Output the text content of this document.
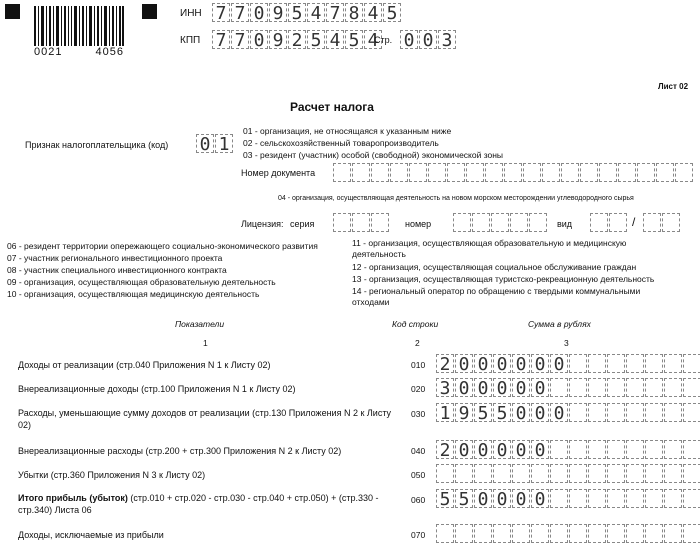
0021	4056
ИНН 7 7 0 9 5 4 7 8 4 5
КПП 7 7 0 9 2 5 4 5 4
Стр. 0 0 3
Лист 02
Расчет налога
Признак налогоплательщика (код) 0 1
01 - организация, не относящаяся к указанным ниже
02 - сельскохозяйственный товаропроизводитель
03 - резидент (участник) особой (свободной) экономической зоны
Номер документа
04 - организация, осуществляющая деятельность на новом морском месторождении углеводородного сырья
Лицензия: серия	номер	вид	/
06 - резидент территории опережающего социально-экономического развития
07 - участник регионального инвестиционного проекта
08 - участник специального инвестиционного контракта
09 - организация, осуществляющая образовательную деятельность
10 - организация, осуществляющая медицинскую деятельность
11 - организация, осуществляющая образовательную и медицинскую деятельность
12 - организация, осуществляющая социальное обслуживание граждан
13 - организация, осуществляющая туристско-рекреационную деятельность
14 - региональный оператор по обращению с твердыми коммунальными отходами
Показатели	Код строки	Сумма в рублях
1	2	3
Доходы от реализации (стр.040 Приложения N 1 к Листу 02)	010 2 0 0 0 0 0 0
Внереализационные доходы (стр.100 Приложения N 1 к Листу 02)	020 3 0 0 0 0 0
Расходы, уменьшающие сумму доходов от реализации (стр.130 Приложения N 2 к Листу 02)
030 1 9 5 5 0 0 0
Внереализационные расходы (стр.200 + стр.300 Приложения N 2 к Листу 02)	040 2 0 0 0 0 0
Убытки (стр.360 Приложения N 3 к Листу 02)	050
Итого прибыль (убыток) (стр.010 + стр.020 - стр.030 - стр.040 + стр.050) + (стр.330 - стр.340) Листа 06
060 5 5 0 0 0 0
Доходы, исключаемые из прибыли	070
